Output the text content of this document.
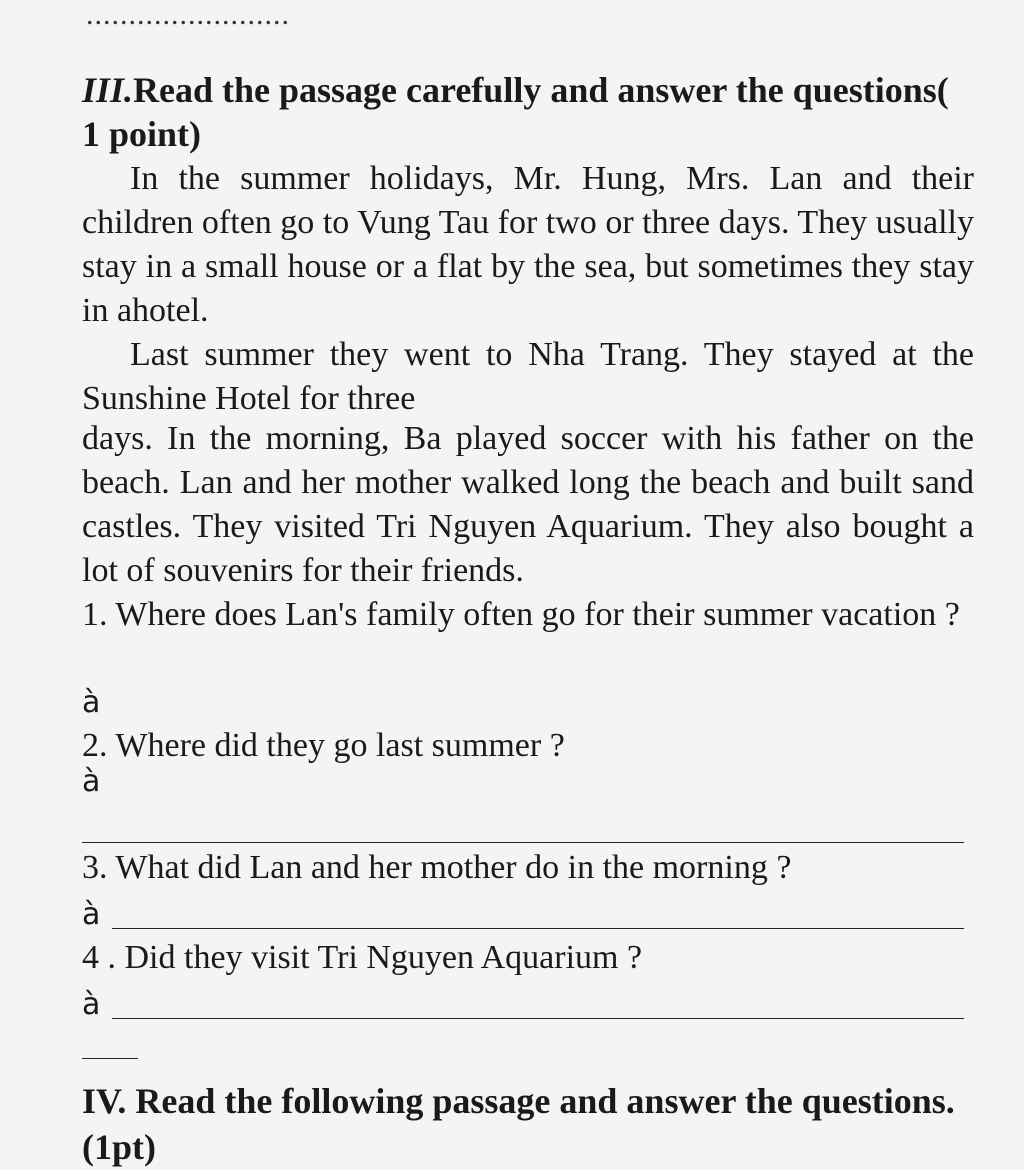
........................
III.Read the passage carefully and answer the questions( 1 point)
In the summer holidays, Mr. Hung, Mrs. Lan and their children often go to Vung Tau for two or three days. They usually stay in a small house or a flat by the sea, but sometimes they stay in ahotel.
Last summer they went to Nha Trang. They stayed at the Sunshine Hotel for three
days. In the morning, Ba played soccer with his father on the beach. Lan and her mother walked long the beach and built sand castles. They visited Tri Nguyen Aquarium. They also bought a lot of souvenirs for their friends.
1. Where does Lan's family often go for their summer vacation ?
à
2. Where did they go last summer ?
à
3. What did Lan and her mother do in the morning ?
à
4 . Did they visit Tri Nguyen Aquarium ?
à
IV. Read the following passage and answer the questions.
(1pt)
